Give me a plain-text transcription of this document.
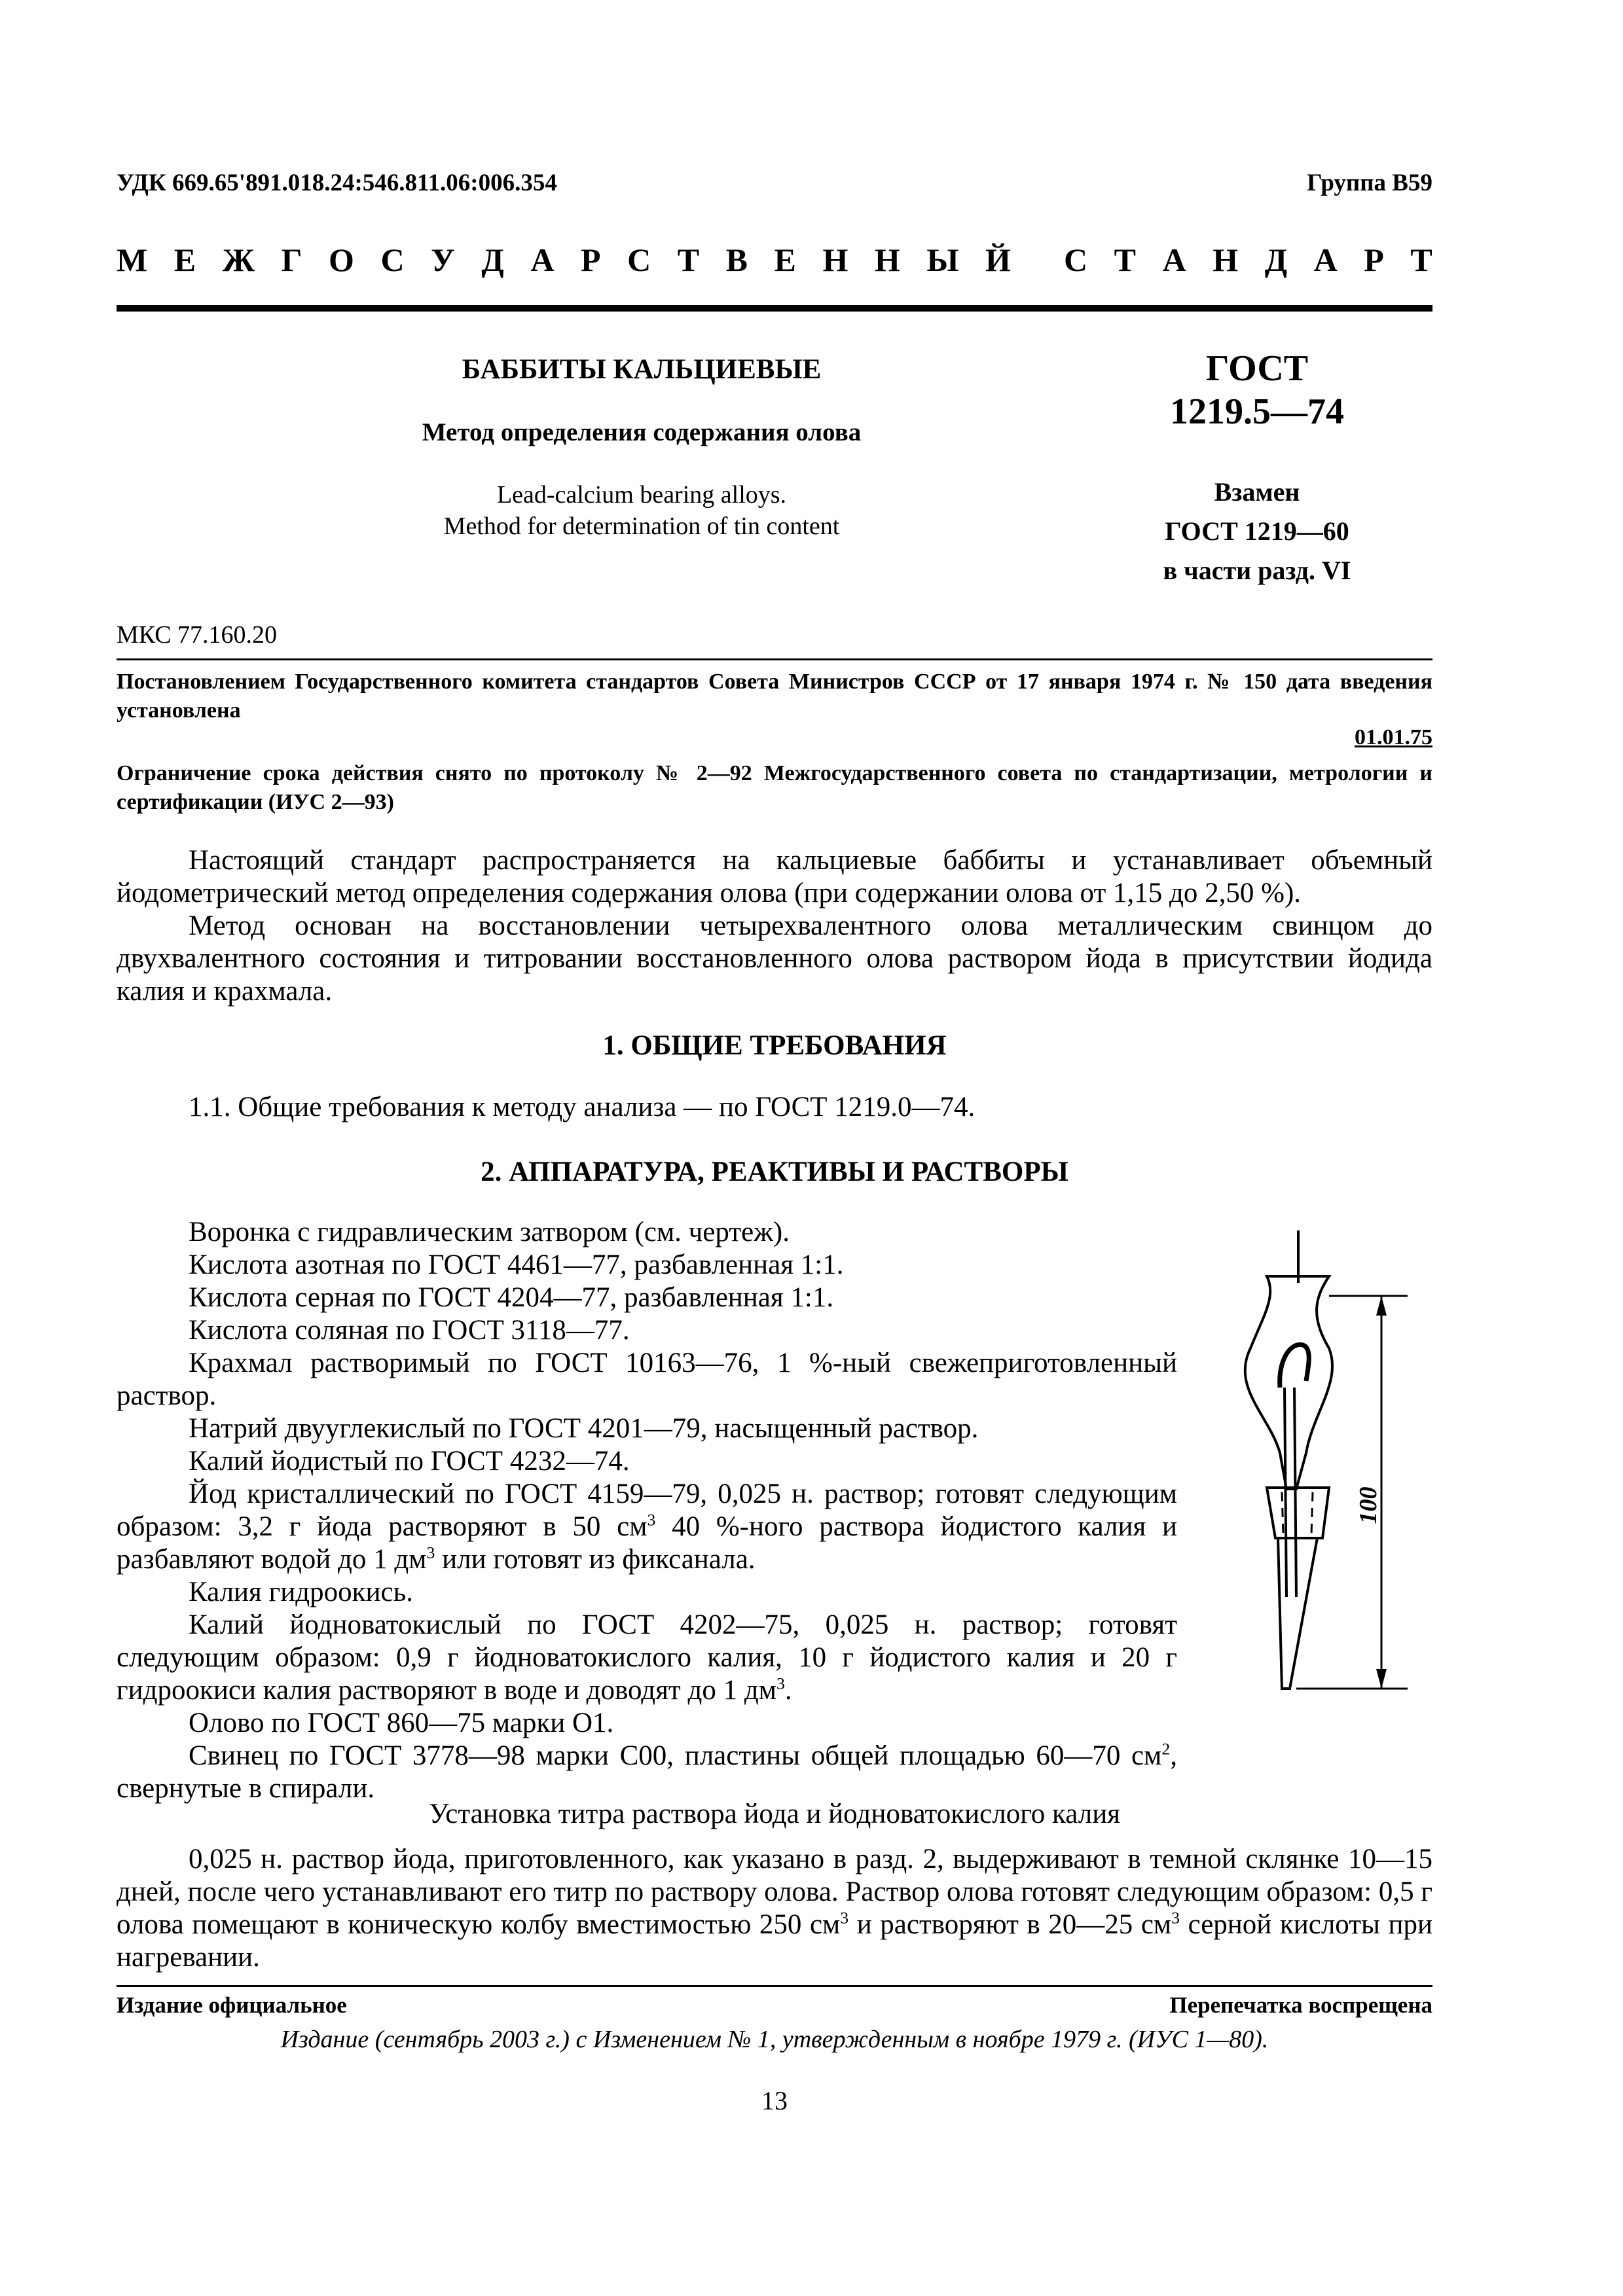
УДК 669.65'891.018.24:546.811.06:006.354	Группа В59
М Е Ж Г О С У Д А Р С Т В Е Н Н Ы Й С Т А Н Д А Р Т
БАББИТЫ КАЛЬЦИЕВЫЕ
Метод определения содержания олова
Lead-calcium bearing alloys.
Method for determination of tin content
ГОСТ
1219.5—74
Взамен
ГОСТ 1219—60
в части разд. VI
МКС 77.160.20
Постановлением Государственного комитета стандартов Совета Министров СССР от 17 января 1974 г. № 150 дата введения установлена
01.01.75
Ограничение срока действия снято по протоколу № 2—92 Межгосударственного совета по стандартизации, метрологии и сертификации (ИУС 2—93)
Настоящий стандарт распространяется на кальциевые баббиты и устанавливает объемный йодометрический метод определения содержания олова (при содержании олова от 1,15 до 2,50 %).
Метод основан на восстановлении четырехвалентного олова металлическим свинцом до двухвалентного состояния и титровании восстановленного олова раствором йода в присутствии йодида калия и крахмала.
1. ОБЩИЕ ТРЕБОВАНИЯ
1.1. Общие требования к методу анализа — по ГОСТ 1219.0—74.
2. АППАРАТУРА, РЕАКТИВЫ И РАСТВОРЫ

Воронка с гидравлическим затвором (см. чертеж).

Кислота азотная по ГОСТ 4461—77, разбавленная 1:1.

Кислота серная по ГОСТ 4204—77, разбавленная 1:1.

Кислота соляная по ГОСТ 3118—77.

Крахмал растворимый по ГОСТ 10163—76, 1 %-ный свежеприготовленный раствор.

Натрий двууглекислый по ГОСТ 4201—79, насыщенный раствор.

Калий йодистый по ГОСТ 4232—74.

Йод кристаллический по ГОСТ 4159—79, 0,025 н. раствор; готовят следующим образом: 3,2 г йода растворяют в 50 $см^3$ 40 %-ного раствора йодистого калия и разбавляют водой до 1 $дм^3$ или готовят из фиксанала.

Калия гидроокись.

Калий йодноватокислый по ГОСТ 4202—75, 0,025 н. раствор; готовят следующим образом: 0,9 г йодноватокислого калия, 10 г йодистого калия и 20 г гидроокиси калия растворяют в воде и доводят до 1 $дм^3$.

Олово по ГОСТ 860—75 марки О1.

Свинец по ГОСТ 3778—98 марки С00, пластины общей площадью 60—70 $см^2$, свернутые в спирали.

100
Установка титра раствора йода и йодноватокислого калия
0,025 н. раствор йода, приготовленного, как указано в разд. 2, выдерживают в темной склянке 10—15 дней, после чего устанавливают его титр по раствору олова. Раствор олова готовят следующим образом: 0,5 г олова помещают в коническую колбу вместимостью 250 $см^3$ и растворяют в 20—25 $см^3$ серной кислоты при нагревании.
Издание официальное	Перепечатка воспрещена
Издание (сентябрь 2003 г.) с Изменением № 1, утвержденным в ноябре 1979 г. (ИУС 1—80).
13
